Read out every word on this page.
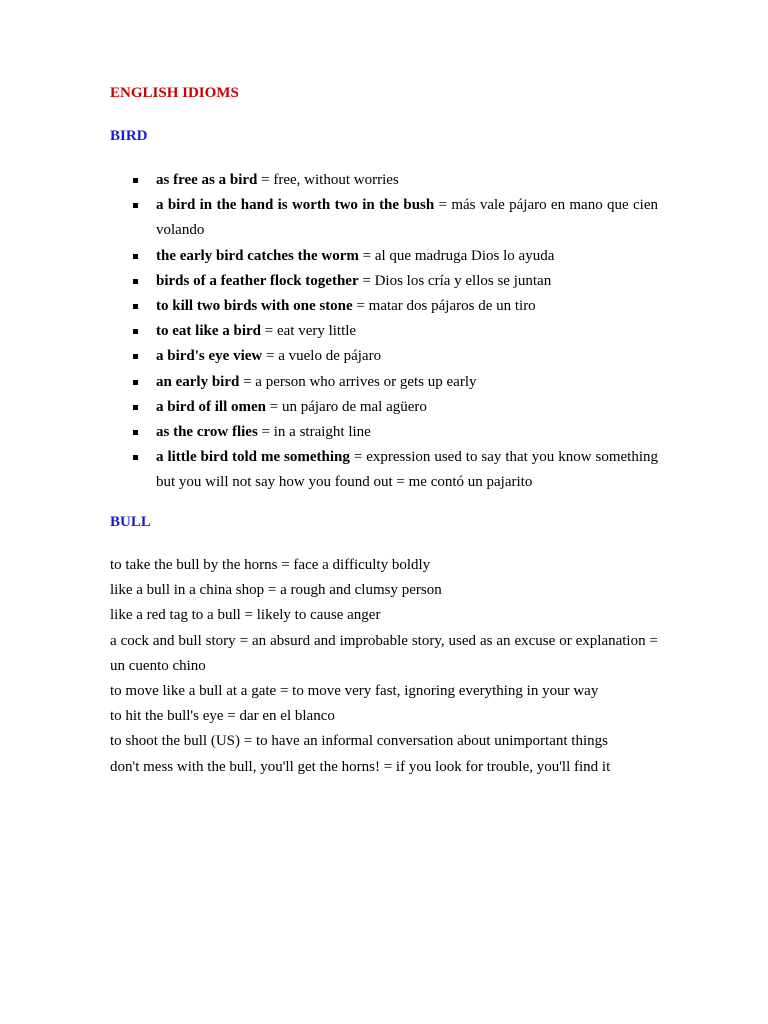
ENGLISH IDIOMS
BIRD
as free as a bird = free, without worries
a bird in the hand is worth two in the bush = más vale pájaro en mano que cien volando
the early bird catches the worm = al que madruga Dios lo ayuda
birds of a feather flock together = Dios los cría y ellos se juntan
to kill two birds with one stone = matar dos pájaros de un tiro
to eat like a bird = eat very little
a bird's eye view = a vuelo de pájaro
an early bird = a person who arrives or gets up early
a bird of ill omen = un pájaro de mal agüero
as the crow flies = in a straight line
a little bird told me something = expression used to say that you know something but you will not say how you found out = me contó un pajarito
BULL

to take the bull by the horns = face a difficulty boldly

like a bull in a china shop = a rough and clumsy person

like a red tag to a bull = likely to cause anger

a cock and bull story = an absurd and improbable story, used as an excuse or explanation = un cuento chino

to move like a bull at a gate = to move very fast, ignoring everything in your way

to hit the bull's eye = dar en el blanco

to shoot the bull (US) = to have an informal conversation about unimportant things

don't mess with the bull, you'll get the horns! = if you look for trouble, you'll find it
